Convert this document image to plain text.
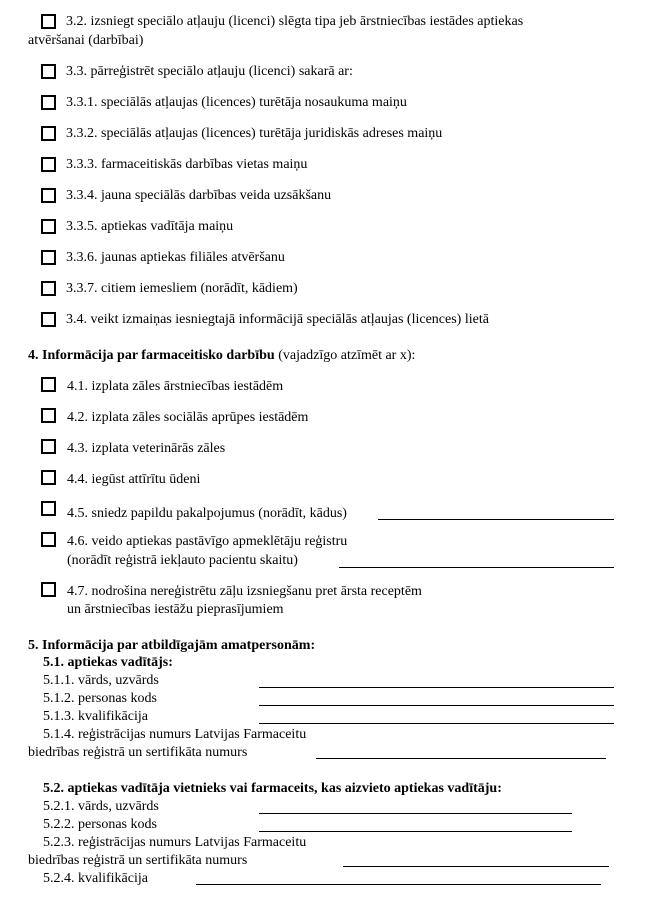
3.2. izsniegt speciālo atļauju (licenci) slēgta tipa jeb ārstniecības iestādes aptiekas
atvēršanai (darbībai)
3.3. pārreģistrēt speciālo atļauju (licenci) sakarā ar:
3.3.1. speciālās atļaujas (licences) turētāja nosaukuma maiņu
3.3.2. speciālās atļaujas (licences) turētāja juridiskās adreses maiņu
3.3.3. farmaceitiskās darbības vietas maiņu
3.3.4. jauna speciālās darbības veida uzsākšanu
3.3.5. aptiekas vadītāja maiņu
3.3.6. jaunas aptiekas filiāles atvēršanu
3.3.7. citiem iemesliem (norādīt, kādiem)
3.4. veikt izmaiņas iesniegtajā informācijā speciālās atļaujas (licences) lietā
4. Informācija par farmaceitisko darbību (vajadzīgo atzīmēt ar x):
4.1. izplata zāles ārstniecības iestādēm
4.2. izplata zāles sociālās aprūpes iestādēm
4.3. izplata veterinārās zāles
4.4. iegūst attīrītu ūdeni
4.5. sniedz papildu pakalpojumus (norādīt, kādus)
4.6. veido aptiekas pastāvīgo apmeklētāju reģistru
(norādīt reģistrā iekļauto pacientu skaitu)
4.7. nodrošina nereģistrētu zāļu izsniegšanu pret ārsta receptēm
un ārstniecības iestāžu pieprasījumiem
5. Informācija par atbildīgajām amatpersonām:
5.1. aptiekas vadītājs:
5.1.1. vārds, uzvārds
5.1.2. personas kods
5.1.3. kvalifikācija
5.1.4. reģistrācijas numurs Latvijas Farmaceitu
biedrības reģistrā un sertifikāta numurs
5.2. aptiekas vadītāja vietnieks vai farmaceits, kas aizvieto aptiekas vadītāju:
5.2.1. vārds, uzvārds
5.2.2. personas kods
5.2.3. reģistrācijas numurs Latvijas Farmaceitu
biedrības reģistrā un sertifikāta numurs
5.2.4. kvalifikācija
